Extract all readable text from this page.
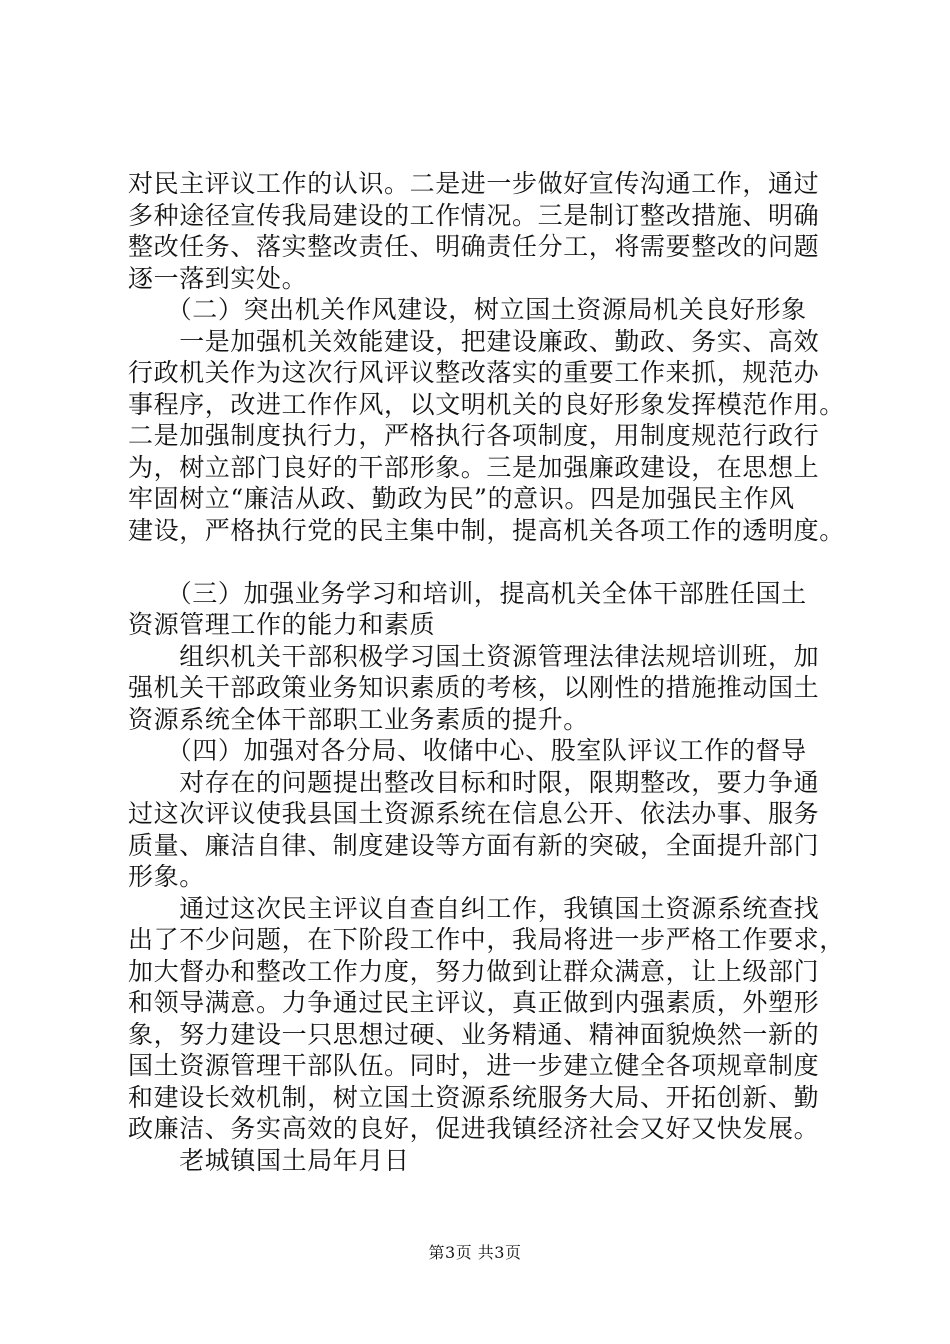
对民主评议工作的认识。二是进一步做好宣传沟通工作，通过
多种途径宣传我局建设的工作情况。三是制订整改措施、明确
整改任务、落实整改责任、明确责任分工，将需要整改的问题
逐一落到实处。
　　（二）突出机关作风建设，树立国土资源局机关良好形象
　　一是加强机关效能建设，把建设廉政、勤政、务实、高效
行政机关作为这次行风评议整改落实的重要工作来抓，规范办
事程序，改进工作作风，以文明机关的良好形象发挥模范作用。
二是加强制度执行力，严格执行各项制度，用制度规范行政行
为，树立部门良好的干部形象。三是加强廉政建设，在思想上
牢固树立“廉洁从政、勤政为民”的意识。四是加强民主作风
建设，严格执行党的民主集中制，提高机关各项工作的透明度。
　　（三）加强业务学习和培训，提高机关全体干部胜任国土
资源管理工作的能力和素质
　　组织机关干部积极学习国土资源管理法律法规培训班，加
强机关干部政策业务知识素质的考核，以刚性的措施推动国土
资源系统全体干部职工业务素质的提升。
　　（四）加强对各分局、收储中心、股室队评议工作的督导
　　对存在的问题提出整改目标和时限，限期整改，要力争通
过这次评议使我县国土资源系统在信息公开、依法办事、服务
质量、廉洁自律、制度建设等方面有新的突破，全面提升部门
形象。
　　通过这次民主评议自查自纠工作，我镇国土资源系统查找
出了不少问题，在下阶段工作中，我局将进一步严格工作要求，
加大督办和整改工作力度，努力做到让群众满意，让上级部门
和领导满意。力争通过民主评议，真正做到内强素质，外塑形
象，努力建设一只思想过硬、业务精通、精神面貌焕然一新的
国土资源管理干部队伍。同时，进一步建立健全各项规章制度
和建设长效机制，树立国土资源系统服务大局、开拓创新、勤
政廉洁、务实高效的良好，促进我镇经济社会又好又快发展。
　　老城镇国土局年月日
第3页 共3页
